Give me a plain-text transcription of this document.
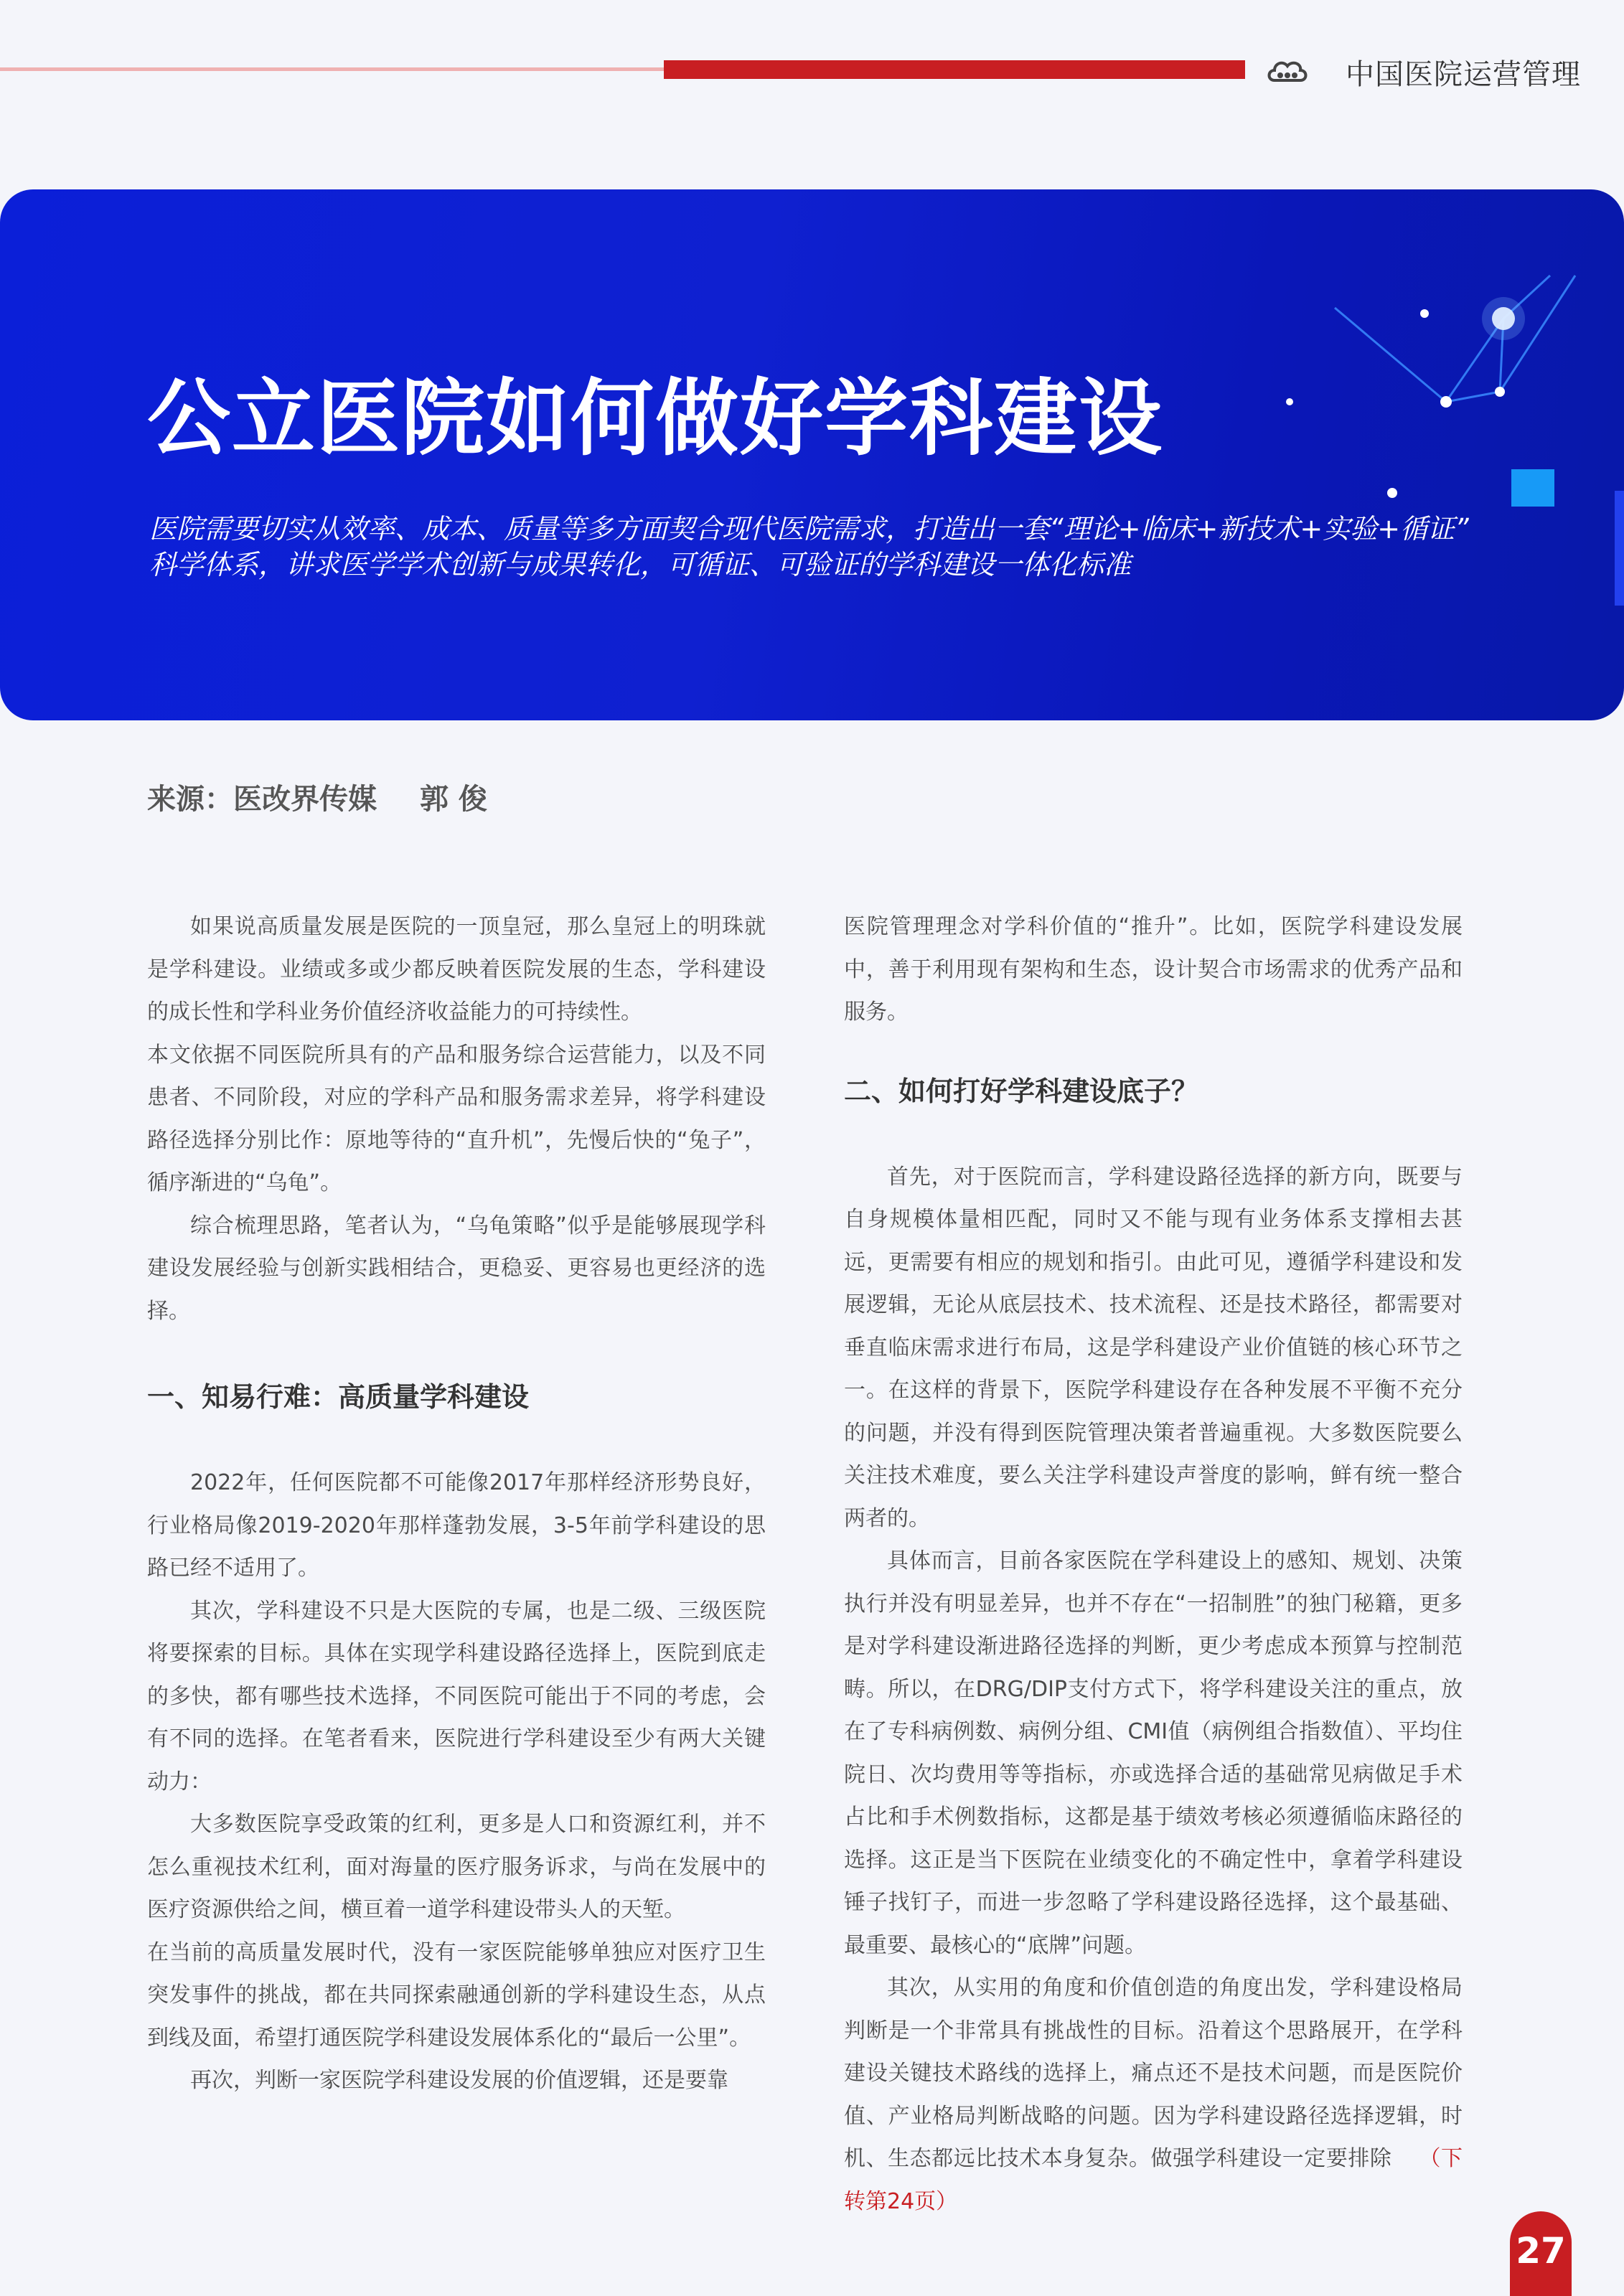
中国医院运营管理
公立医院如何做好学科建设

医院需要切实从效率、成本、质量等多方面契合现代医院需求，打造出一套“理论+临床+新技术+实验+循证”
科学体系，讲求医学学术创新与成果转化，可循证、可验证的学科建设一体化标准

来源：医改界传媒 郭 俊

如果说高质量发展是医院的一顶皇冠，那么皇冠上的明珠就是学科建设。业绩或多或少都反映着医院发展的生态，学科建设的成长性和学科业务价值经济收益能力的可持续性。

本文依据不同医院所具有的产品和服务综合运营能力，以及不同患者、不同阶段，对应的学科产品和服务需求差异，将学科建设路径选择分别比作：原地等待的“直升机”，先慢后快的“兔子”，循序渐进的“乌龟”。

综合梳理思路，笔者认为，“乌龟策略”似乎是能够展现学科建设发展经验与创新实践相结合，更稳妥、更容易也更经济的选择。

一、知易行难：高质量学科建设

2022年，任何医院都不可能像2017年那样经济形势良好，行业格局像2019-2020年那样蓬勃发展，3-5年前学科建设的思路已经不适用了。

其次，学科建设不只是大医院的专属，也是二级、三级医院将要探索的目标。具体在实现学科建设路径选择上，医院到底走的多快，都有哪些技术选择，不同医院可能出于不同的考虑，会有不同的选择。在笔者看来，医院进行学科建设至少有两大关键动力：

大多数医院享受政策的红利，更多是人口和资源红利，并不怎么重视技术红利，面对海量的医疗服务诉求，与尚在发展中的医疗资源供给之间，横亘着一道学科建设带头人的天堑。

在当前的高质量发展时代，没有一家医院能够单独应对医疗卫生突发事件的挑战，都在共同探索融通创新的学科建设生态，从点到线及面，希望打通医院学科建设发展体系化的“最后一公里”。

再次，判断一家医院学科建设发展的价值逻辑，还是要靠

医院管理理念对学科价值的“推升”。比如，医院学科建设发展中，善于利用现有架构和生态，设计契合市场需求的优秀产品和服务。

二、如何打好学科建设底子？

首先，对于医院而言，学科建设路径选择的新方向，既要与自身规模体量相匹配，同时又不能与现有业务体系支撑相去甚远，更需要有相应的规划和指引。由此可见，遵循学科建设和发展逻辑，无论从底层技术、技术流程、还是技术路径，都需要对垂直临床需求进行布局，这是学科建设产业价值链的核心环节之一。在这样的背景下，医院学科建设存在各种发展不平衡不充分的问题，并没有得到医院管理决策者普遍重视。大多数医院要么关注技术难度，要么关注学科建设声誉度的影响，鲜有统一整合两者的。

具体而言，目前各家医院在学科建设上的感知、规划、决策执行并没有明显差异，也并不存在“一招制胜”的独门秘籍，更多是对学科建设渐进路径选择的判断，更少考虑成本预算与控制范畴。所以，在DRG/DIP支付方式下，将学科建设关注的重点，放在了专科病例数、病例分组、CMI值（病例组合指数值）、平均住院日、次均费用等等指标，亦或选择合适的基础常见病做足手术占比和手术例数指标，这都是基于绩效考核必须遵循临床路径的选择。这正是当下医院在业绩变化的不确定性中，拿着学科建设锤子找钉子，而进一步忽略了学科建设路径选择，这个最基础、最重要、最核心的“底牌”问题。

其次，从实用的角度和价值创造的角度出发，学科建设格局判断是一个非常具有挑战性的目标。沿着这个思路展开，在学科建设关键技术路线的选择上，痛点还不是技术问题，而是医院价值、产业格局判断战略的问题。因为学科建设路径选择逻辑，时机、生态都远比技术本身复杂。做强学科建设一定要排除 （下转第24页）

27
